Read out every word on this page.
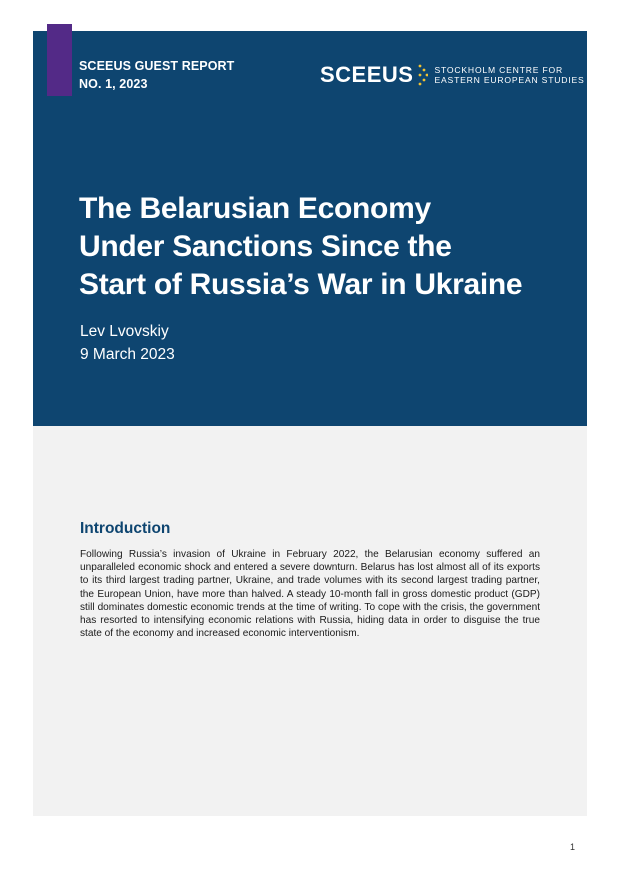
SCEEUS GUEST REPORT
NO. 1, 2023	SCEEUS STOCKHOLM CENTRE FOR
EASTERN EUROPEAN STUDIES
The Belarusian Economy
Under Sanctions Since the
Start of Russia’s War in Ukraine
Lev Lvovskiy
9 March 2023
Introduction
Following Russia’s invasion of Ukraine in February 2022, the Belarusian economy suffered an unparalleled economic shock and entered a severe downturn. Belarus has lost almost all of its exports to its third largest trading partner, Ukraine, and trade volumes with its second largest trading partner, the European Union, have more than halved. A steady 10-month fall in gross domestic product (GDP) still dominates domestic economic trends at the time of writing. To cope with the crisis, the government has resorted to intensifying economic relations with Russia, hiding data in order to disguise the true state of the economy and increased economic interventionism.
1
